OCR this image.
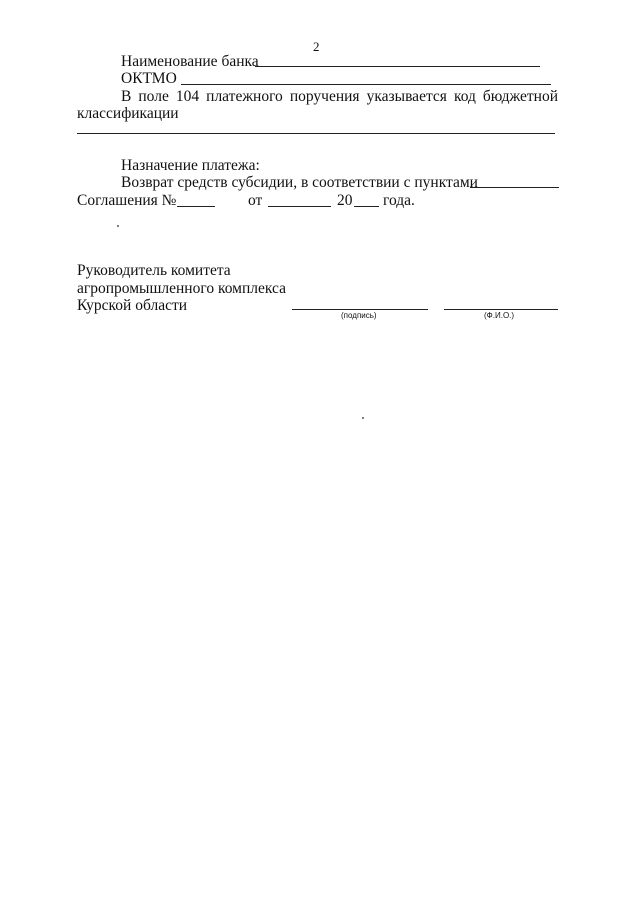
2
Наименование банка
ОКТМО
В поле 104 платежного поручения указывается код бюджетной
классификации
Назначение платежа:
Возврат средств субсидии, в соответствии с пунктами
Соглашения №	от	20 года.
Руководитель комитета
агропромышленного комплекса
Курской области
(подпись)	(Ф.И.О.)
